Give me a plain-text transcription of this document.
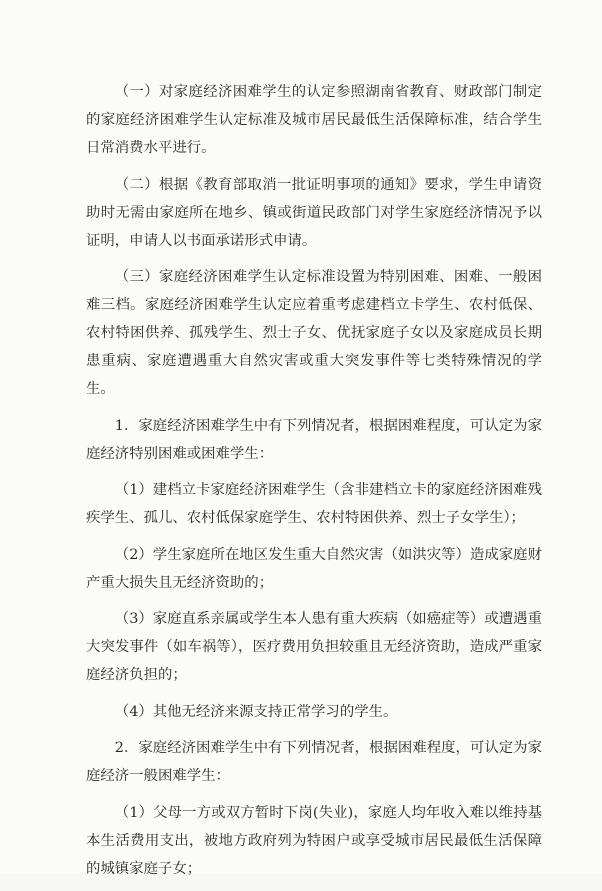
（一）对家庭经济困难学生的认定参照湖南省教育、财政部门制定的家庭经济困难学生认定标准及城市居民最低生活保障标准，结合学生日常消费水平进行。

（二）根据《教育部取消一批证明事项的通知》要求，学生申请资助时无需由家庭所在地乡、镇或街道民政部门对学生家庭经济情况予以证明，申请人以书面承诺形式申请。

（三）家庭经济困难学生认定标准设置为特别困难、困难、一般困难三档。家庭经济困难学生认定应着重考虑建档立卡学生、农村低保、农村特困供养、孤残学生、烈士子女、优抚家庭子女以及家庭成员长期患重病、家庭遭遇重大自然灾害或重大突发事件等七类特殊情况的学生。

1．家庭经济困难学生中有下列情况者，根据困难程度，可认定为家庭经济特别困难或困难学生：

（1）建档立卡家庭经济困难学生（含非建档立卡的家庭经济困难残疾学生、孤儿、农村低保家庭学生、农村特困供养、烈士子女学生）；

（2）学生家庭所在地区发生重大自然灾害（如洪灾等）造成家庭财产重大损失且无经济资助的；

（3）家庭直系亲属或学生本人患有重大疾病（如癌症等）或遭遇重大突发事件（如车祸等），医疗费用负担较重且无经济资助，造成严重家庭经济负担的；

（4）其他无经济来源支持正常学习的学生。

2．家庭经济困难学生中有下列情况者，根据困难程度，可认定为家庭经济一般困难学生：

（1）父母一方或双方暂时下岗(失业)，家庭人均年收入难以维持基本生活费用支出，被地方政府列为特困户或享受城市居民最低生活保障的城镇家庭子女；
